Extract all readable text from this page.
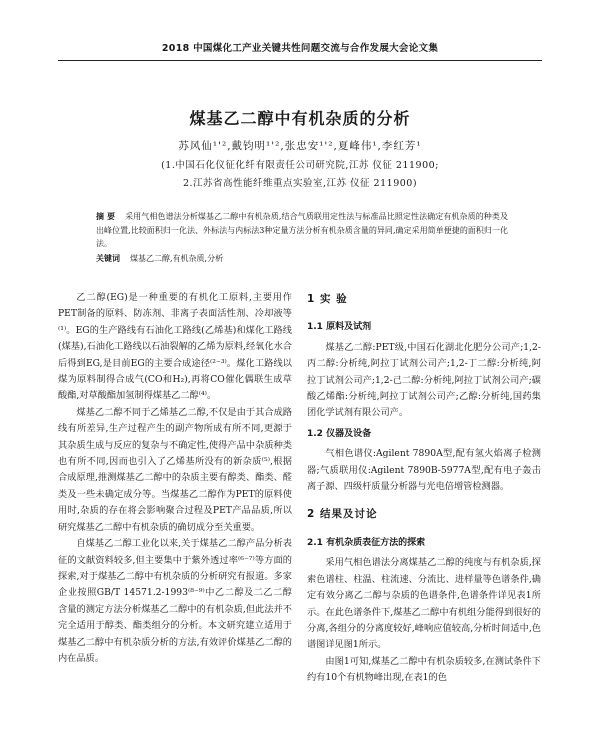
2018 中国煤化工产业关键共性问题交流与合作发展大会论文集
煤基乙二醇中有机杂质的分析
苏风仙¹'²,戴钧明¹'²,张忠安¹'²,夏峰伟¹,李红芳¹
(1.中国石化仪征化纤有限责任公司研究院,江苏 仪征 211900;
2.江苏省高性能纤维重点实验室,江苏 仪征 211900)
摘 要 采用气相色谱法分析煤基乙二醇中有机杂质,结合气质联用定性法与标准品比照定性法确定有机杂质的种类及出峰位置,比较面积归一化法、外标法与内标法3种定量方法分析有机杂质含量的异同,确定采用简单便捷的面积归一化法。
关键词 煤基乙二醇,有机杂质,分析

乙二醇(EG)是一种重要的有机化工原料,主要用作PET制备的原料、防冻剂、非离子表面活性剂、冷却液等⁽¹⁾。EG的生产路线有石油化工路线(乙烯基)和煤化工路线(煤基),石油化工路线以石油裂解的乙烯为原料,经氧化水合后得到EG,是目前EG的主要合成途径⁽²⁻³⁾。煤化工路线以煤为原料制得合成气(CO和H₂),再将CO催化偶联生成草酸酯,对草酸酯加氢制得煤基乙二醇⁽⁴⁾。

煤基乙二醇不同于乙烯基乙二醇,不仅是由于其合成路线有所差异,生产过程产生的副产物所成有所不同,更源于其杂质生成与反应的复杂与不确定性,使得产品中杂质种类也有所不同,因而也引入了乙烯基所没有的新杂质⁽⁵⁾,根据合成原理,推测煤基乙二醇中的杂质主要有醇类、酯类、醛类及一些未确定成分等。当煤基乙二醇作为PET的原料使用时,杂质的存在将会影响聚合过程及PET产品品质,所以研究煤基乙二醇中有机杂质的确切成分至关重要。

自煤基乙二醇工业化以来,关于煤基乙二醇产品分析表征的文献资料较多,但主要集中于紫外透过率⁽⁶⁻⁷⁾等方面的探索,对于煤基乙二醇中有机杂质的分析研究有报道。多家企业按照GB/T 14571.2-1993⁽⁸⁻⁹⁾中乙二醇及二乙二醇含量的测定方法分析煤基乙二醇中的有机杂质,但此法并不完全适用于醇类、酯类组分的分析。本文研究建立适用于煤基乙二醇中有机杂质分析的方法,有效评价煤基乙二醇的内在品质。

1 实 验
1.1 原料及试剂

煤基乙二醇:PET级,中国石化湖北化肥分公司产;1,2-丙二醇:分析纯,阿拉丁试剂公司产;1,2-丁二醇:分析纯,阿拉丁试剂公司产;1,2-己二醇:分析纯,阿拉丁试剂公司产;碳酸乙烯酯:分析纯,阿拉丁试剂公司产;乙醇:分析纯,国药集团化学试剂有限公司产。

1.2 仪器及设备

气相色谱仪:Agilent 7890A型,配有氢火焰离子检测器;气质联用仪:Agilent 7890B-5977A型,配有电子轰击离子源、四级杆质量分析器与光电倍增管检测器。

2 结果及讨论
2.1 有机杂质表征方法的探索

采用气相色谱法分离煤基乙二醇的纯度与有机杂质,探索色谱柱、柱温、柱流速、分流比、进样量等色谱条件,确定有效分离乙二醇与杂质的色谱条件,色谱条件详见表1所示。在此色谱条件下,煤基乙二醇中有机组分能得到很好的分离,各组分的分离度较好,峰响应值较高,分析时间适中,色谱图详见图1所示。

由图1可知,煤基乙二醇中有机杂质较多,在测试条件下约有10个有机物峰出现,在表1的色
